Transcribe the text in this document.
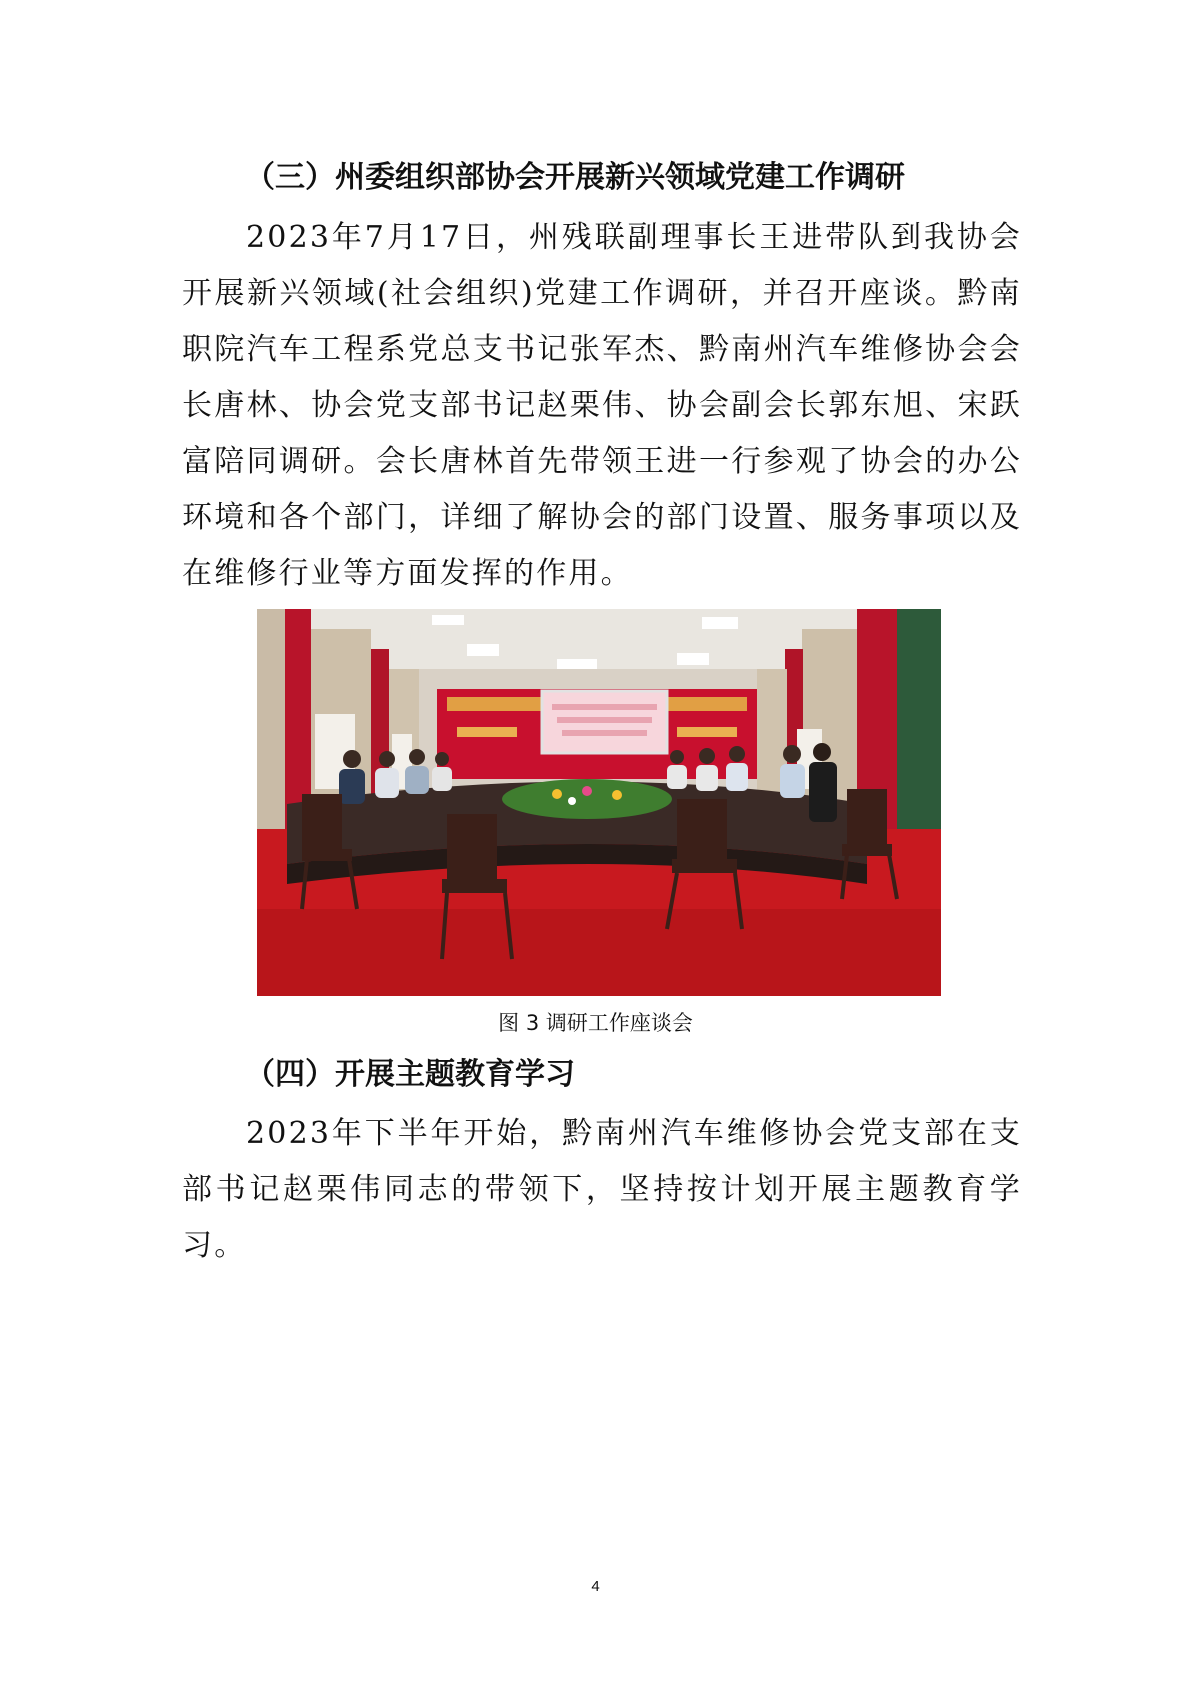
（三）州委组织部协会开展新兴领域党建工作调研

2023年7月17日，州残联副理事长王进带队到我协会开展新兴领域(社会组织)党建工作调研，并召开座谈。黔南职院汽车工程系党总支书记张军杰、黔南州汽车维修协会会长唐林、协会党支部书记赵栗伟、协会副会长郭东旭、宋跃富陪同调研。会长唐林首先带领王进一行参观了协会的办公环境和各个部门，详细了解协会的部门设置、服务事项以及在维修行业等方面发挥的作用。

图 3 调研工作座谈会
（四）开展主题教育学习

2023年下半年开始，黔南州汽车维修协会党支部在支部书记赵栗伟同志的带领下，坚持按计划开展主题教育学习。

4
